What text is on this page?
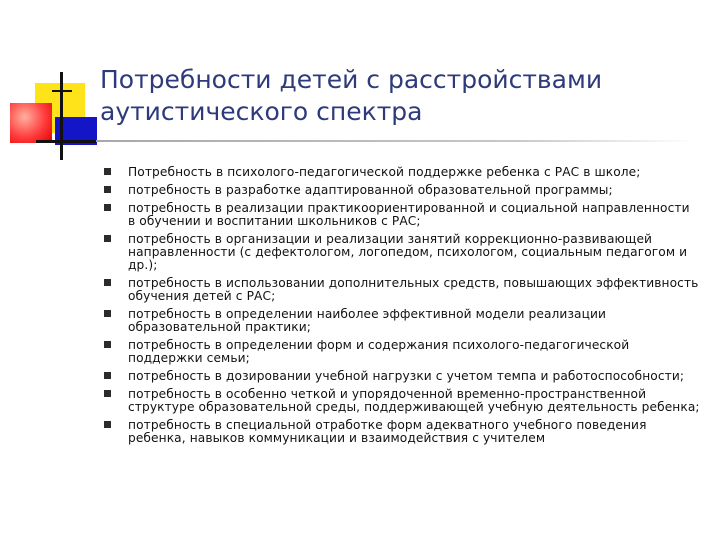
Потребности детей с расстройствами аутистического спектра
Потребность в психолого-педагогической поддержке ребенка с РАС в школе;
потребность в разработке адаптированной образовательной программы;
потребность в реализации практикоориентированной и социальной направленности в обучении и воспитании школьников с РАС;
потребность в организации и реализации занятий коррекционно-развивающей направленности (с дефектологом, логопедом, психологом, социальным педагогом и др.);
потребность в использовании дополнительных средств, повышающих эффективность обучения детей с РАС;
потребность в определении наиболее эффективной модели реализации образовательной практики;
потребность в определении форм и содержания психолого-педагогической поддержки семьи;
потребность в дозировании учебной нагрузки с учетом темпа и работоспособности;
потребность в особенно четкой и упорядоченной временно-пространственной структуре образовательной среды, поддерживающей учебную деятельность ребенка;
потребность в специальной отработке форм адекватного учебного поведения ребенка, навыков коммуникации и взаимодействия с учителем
